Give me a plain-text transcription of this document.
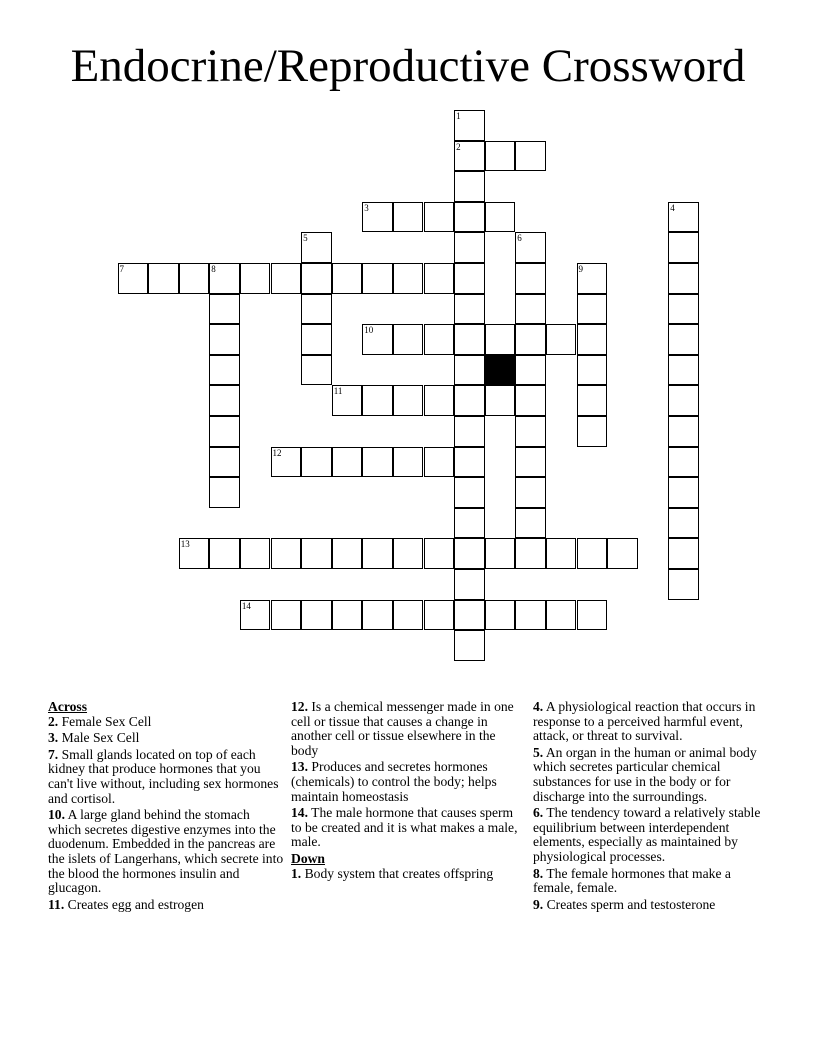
Endocrine/Reproductive Crossword
1
2
3	4
5	6
7	8	9
10
11
12
13
14
Across
2. Female Sex Cell
3. Male Sex Cell
7. Small glands located on top of each kidney that produce hormones that you can't live without, including sex hormones and cortisol.
10. A large gland behind the stomach which secretes digestive enzymes into the duodenum. Embedded in the pancreas are the islets of Langerhans, which secrete into the blood the hormones insulin and glucagon.
11. Creates egg and estrogen
12. Is a chemical messenger made in one cell or tissue that causes a change in another cell or tissue elsewhere in the body
13. Produces and secretes hormones (chemicals) to control the body; helps maintain homeostasis
14. The male hormone that causes sperm to be created and it is what makes a male, male.
Down
1. Body system that creates offspring
4. A physiological reaction that occurs in response to a perceived harmful event, attack, or threat to survival.
5. An organ in the human or animal body which secretes particular chemical substances for use in the body or for discharge into the surroundings.
6. The tendency toward a relatively stable equilibrium between interdependent elements, especially as maintained by physiological processes.
8. The female hormones that make a female, female.
9. Creates sperm and testosterone
